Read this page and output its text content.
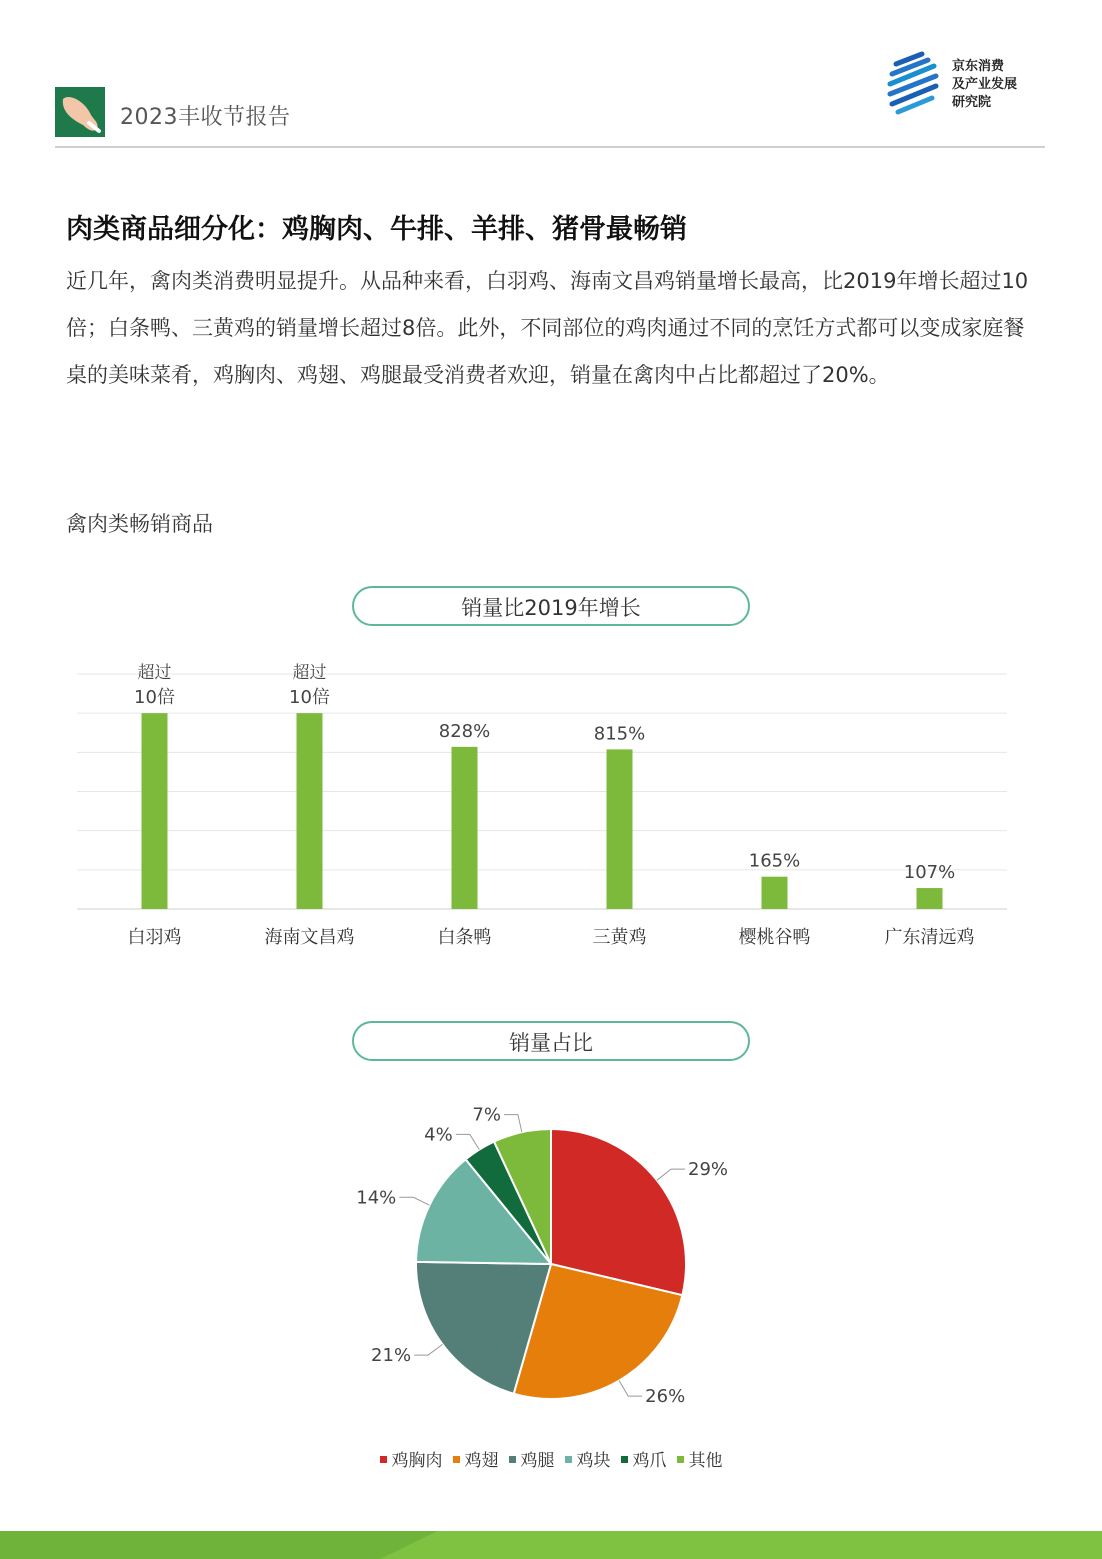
2023丰收节报告
京东消费
及产业发展
研究院
肉类商品细分化：鸡胸肉、牛排、羊排、猪骨最畅销
近几年，禽肉类消费明显提升。从品种来看，白羽鸡、海南文昌鸡销量增长最高，比2019年增长超过10倍；白条鸭、三黄鸡的销量增长超过8倍。此外，不同部位的鸡肉通过不同的烹饪方式都可以变成家庭餐桌的美味菜肴，鸡胸肉、鸡翅、鸡腿最受消费者欢迎，销量在禽肉中占比都超过了20%。
禽肉类畅销商品
销量比2019年增长
超过
10倍
白羽鸡
超过
10倍
海南文昌鸡
828%
白条鸭
815%
三黄鸡
165%
樱桃谷鸭
107%
广东清远鸡
销量占比
29%
26%
21%
14%
4%
7%
鸡胸肉 鸡翅 鸡腿 鸡块 鸡爪 其他
